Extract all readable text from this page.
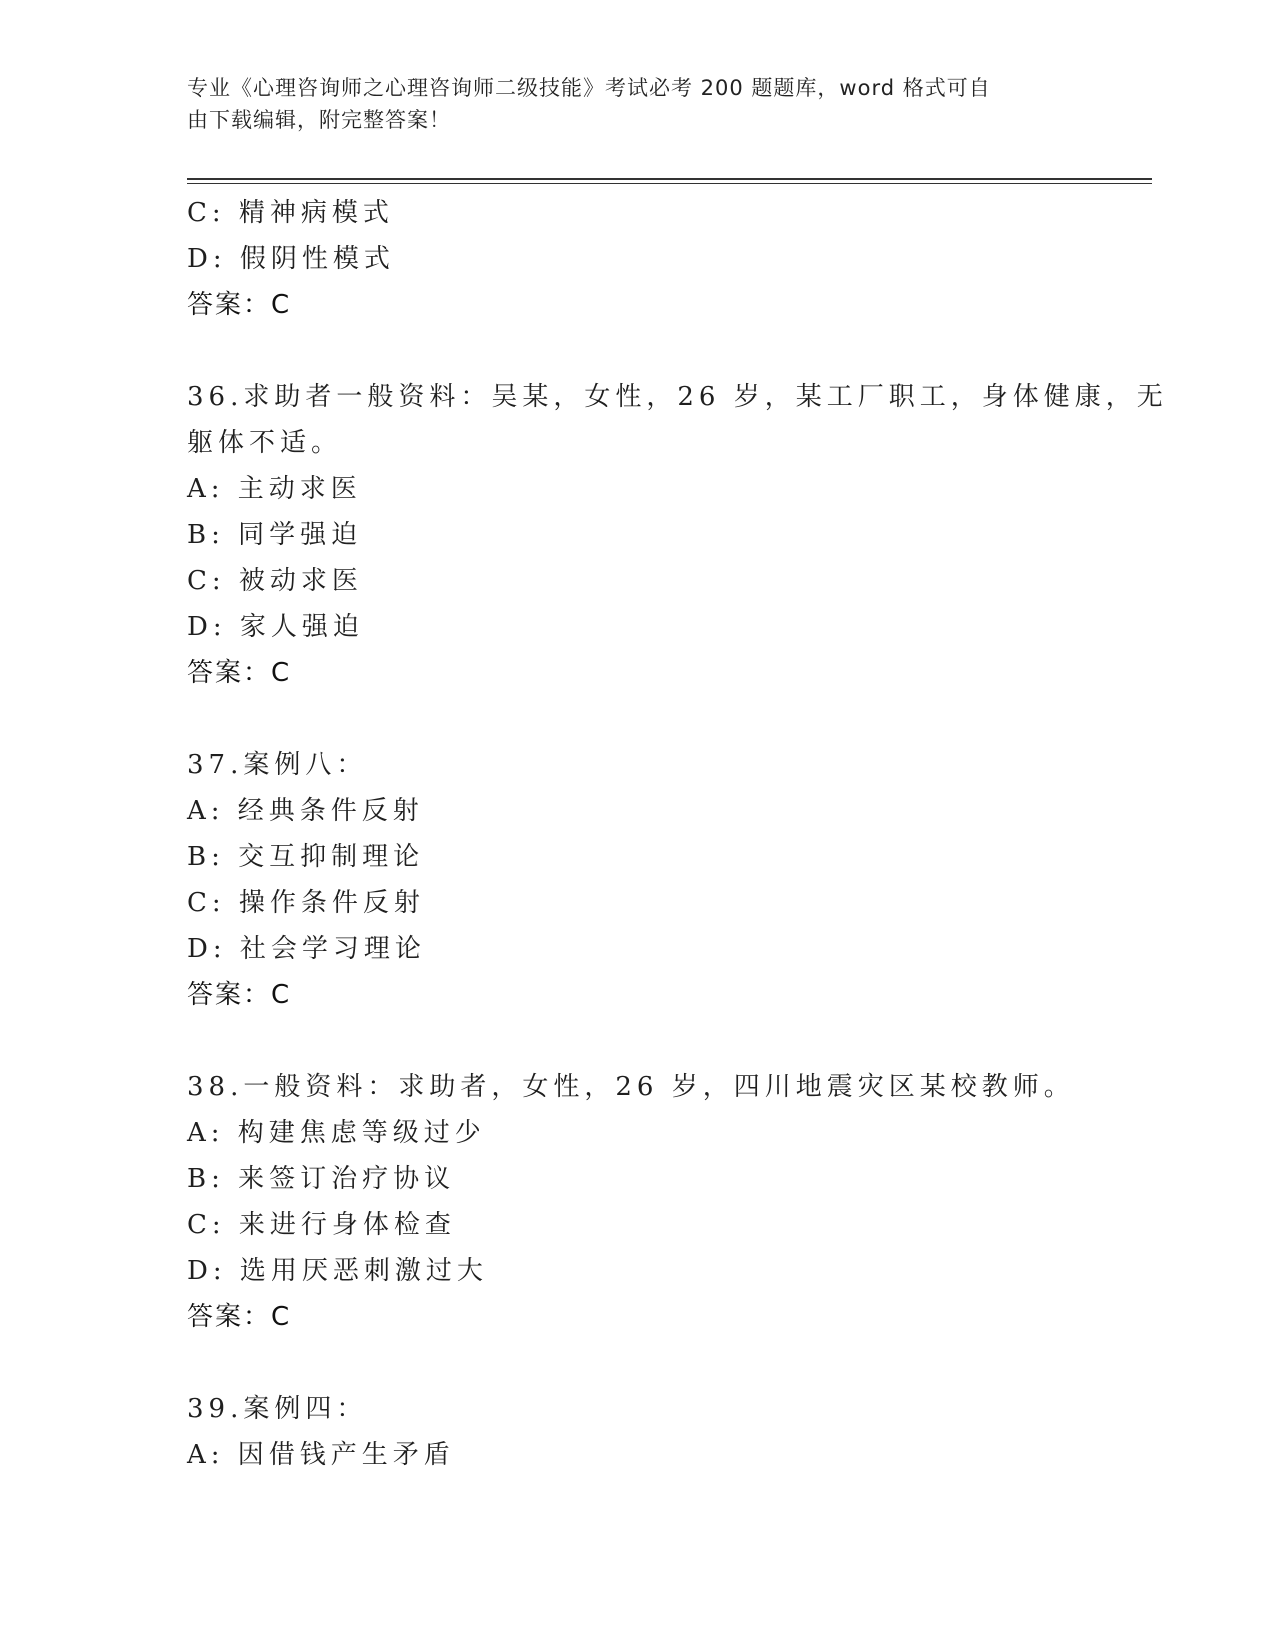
专业《心理咨询师之心理咨询师二级技能》考试必考 200 题题库，word 格式可自
由下载编辑，附完整答案！
C: 精神病模式
D: 假阴性模式
答案：C
36.求助者一般资料：吴某，女性，26 岁，某工厂职工，身体健康，无
躯体不适。
A: 主动求医
B: 同学强迫
C: 被动求医
D: 家人强迫
答案：C
37.案例八：
A: 经典条件反射
B: 交互抑制理论
C: 操作条件反射
D: 社会学习理论
答案：C
38.一般资料：求助者，女性，26 岁，四川地震灾区某校教师。
A: 构建焦虑等级过少
B: 来签订治疗协议
C: 来进行身体检查
D: 选用厌恶刺激过大
答案：C
39.案例四：
A: 因借钱产生矛盾
